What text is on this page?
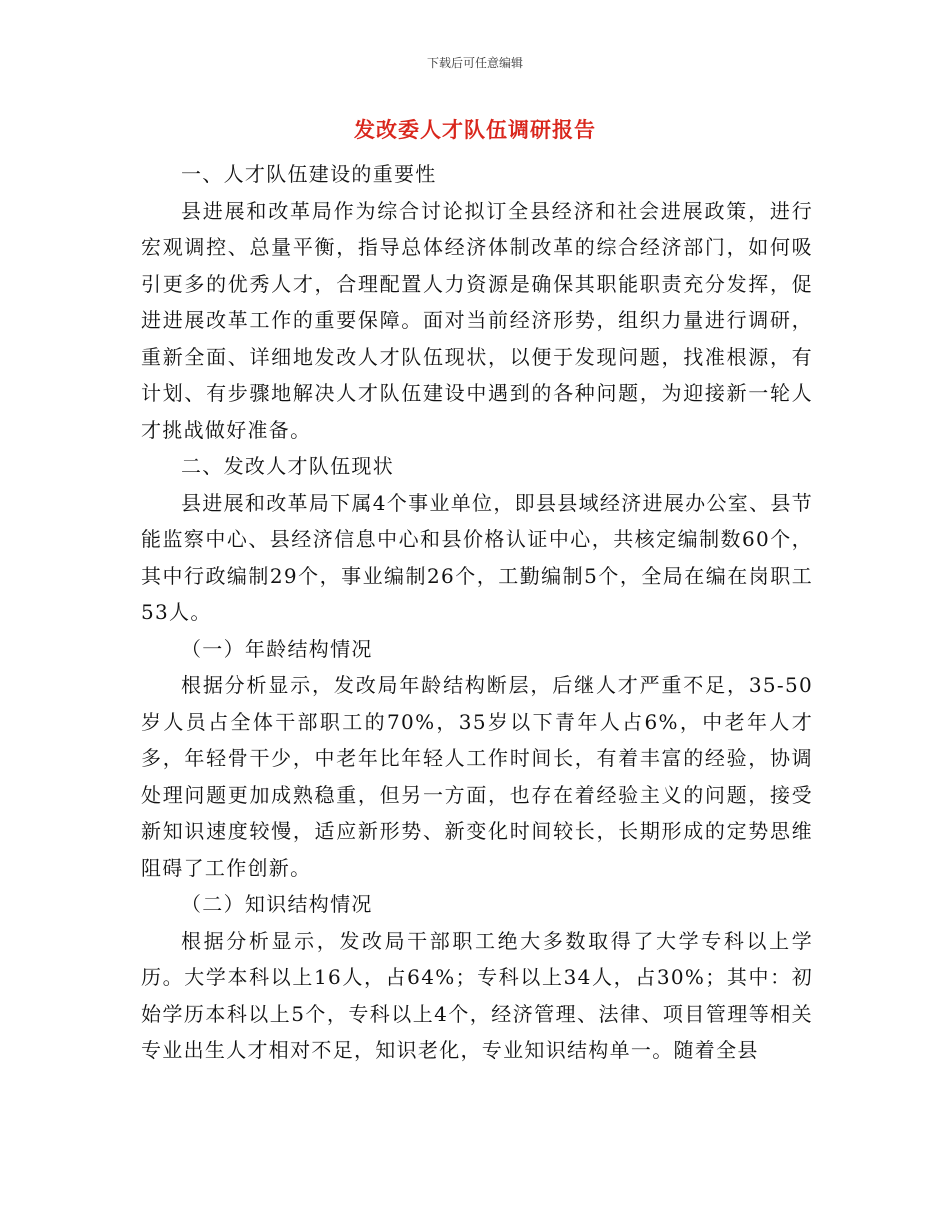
下载后可任意编辑
发改委人才队伍调研报告

一、人才队伍建设的重要性

县进展和改革局作为综合讨论拟订全县经济和社会进展政策，进行宏观调控、总量平衡，指导总体经济体制改革的综合经济部门，如何吸引更多的优秀人才，合理配置人力资源是确保其职能职责充分发挥，促进进展改革工作的重要保障。面对当前经济形势，组织力量进行调研，重新全面、详细地发改人才队伍现状，以便于发现问题，找准根源，有计划、有步骤地解决人才队伍建设中遇到的各种问题，为迎接新一轮人才挑战做好准备。

二、发改人才队伍现状

县进展和改革局下属4个事业单位，即县县域经济进展办公室、县节能监察中心、县经济信息中心和县价格认证中心，共核定编制数60个，其中行政编制29个，事业编制26个，工勤编制5个，全局在编在岗职工53人。

（一）年龄结构情况

根据分析显示，发改局年龄结构断层，后继人才严重不足，35-50岁人员占全体干部职工的70%，35岁以下青年人占6%，中老年人才多，年轻骨干少，中老年比年轻人工作时间长，有着丰富的经验，协调处理问题更加成熟稳重，但另一方面，也存在着经验主义的问题，接受新知识速度较慢，适应新形势、新变化时间较长，长期形成的定势思维阻碍了工作创新。

（二）知识结构情况

根据分析显示，发改局干部职工绝大多数取得了大学专科以上学历。大学本科以上16人，占64%；专科以上34人，占30%；其中：初始学历本科以上5个，专科以上4个，经济管理、法律、项目管理等相关专业出生人才相对不足，知识老化，专业知识结构单一。随着全县
